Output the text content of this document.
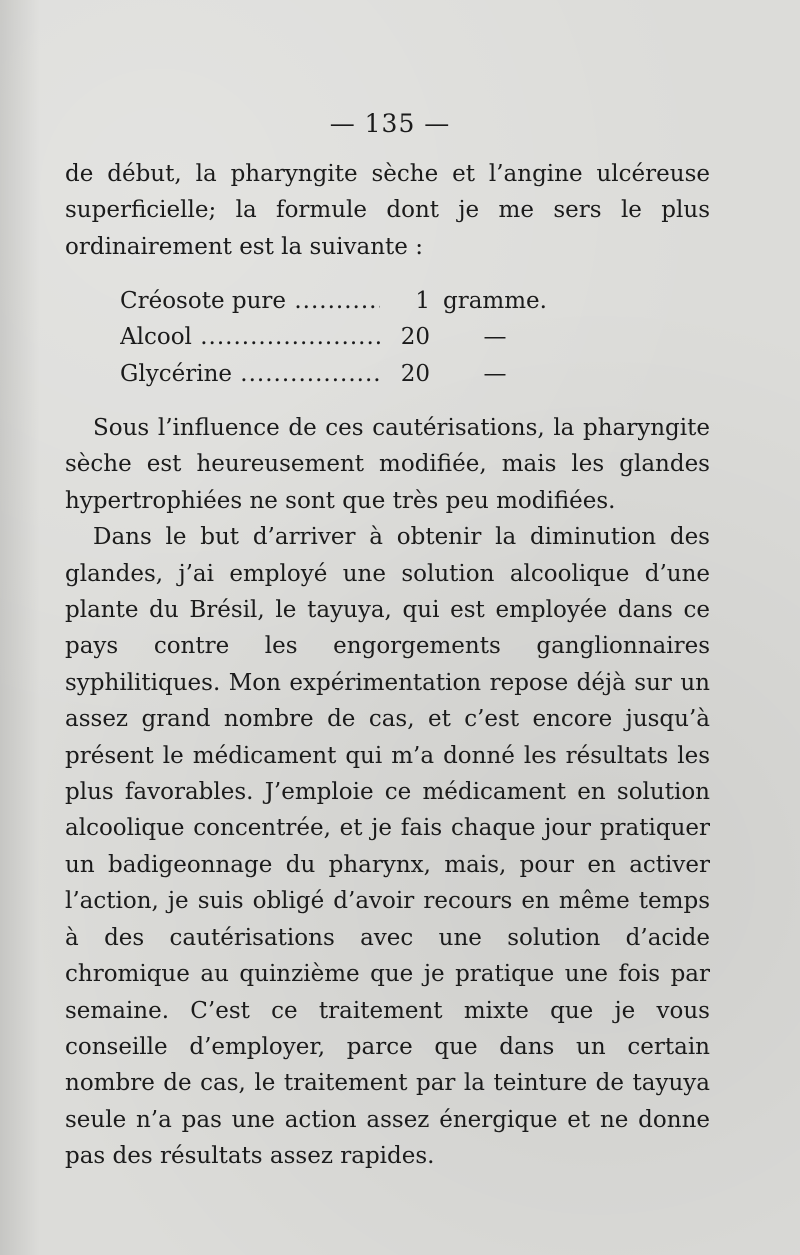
— 135 —

de début, la pharyngite sèche et l’angine ulcéreuse superficielle; la formule dont je me sers le plus ordinairement est la suivante :

Créosote pure .....	1 gramme.
Alcool .....	20	—
Glycérine .....	20	—

Sous l’influence de ces cautérisations, la pharyngite sèche est heureusement modifiée, mais les glandes hypertrophiées ne sont que très peu modifiées.

Dans le but d’arriver à obtenir la diminution des glandes, j’ai employé une solution alcoolique d’une plante du Brésil, le tayuya, qui est employée dans ce pays contre les engorgements ganglionnaires syphilitiques. Mon expérimentation repose déjà sur un assez grand nombre de cas, et c’est encore jusqu’à présent le médicament qui m’a donné les résultats les plus favorables. J’emploie ce médicament en solution alcoolique concentrée, et je fais chaque jour pratiquer un badigeonnage du pharynx, mais, pour en activer l’action, je suis obligé d’avoir recours en même temps à des cautérisations avec une solution d’acide chromique au quinzième que je pratique une fois par semaine. C’est ce traitement mixte que je vous conseille d’employer, parce que dans un certain nombre de cas, le traitement par la teinture de tayuya seule n’a pas une action assez énergique et ne donne pas des résultats assez rapides.
